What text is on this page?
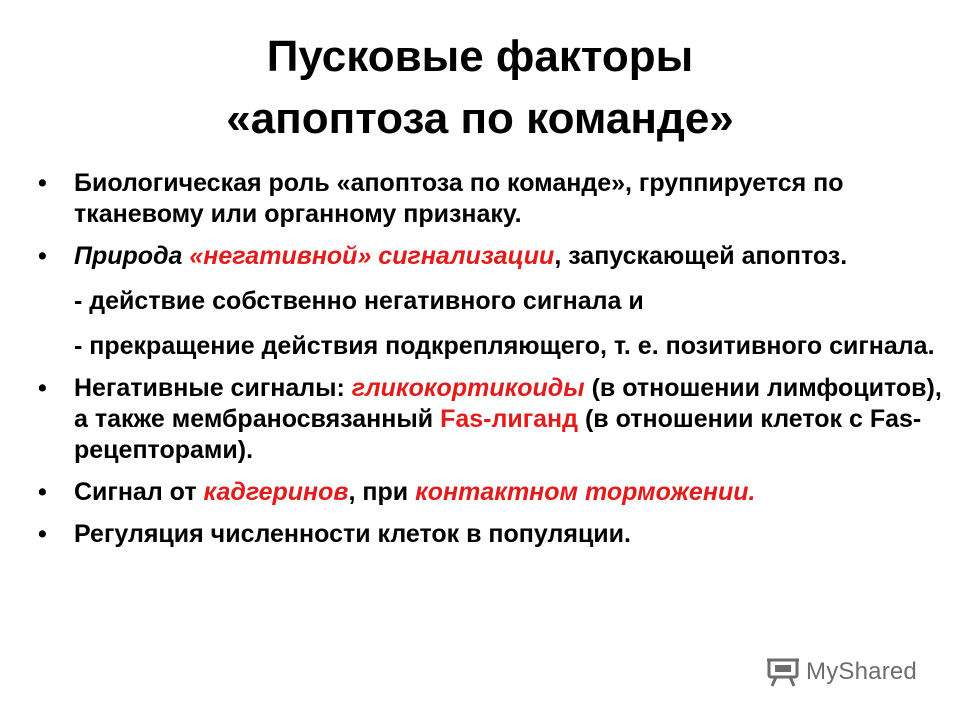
Пусковые факторы
«апоптоза по команде»
• Биологическая роль «апоптоза по команде», группируется по тканевому или органному признаку.
• Природа «негативной» сигнализации, запускающей апоптоз.
- действие собственно негативного сигнала и
- прекращение действия подкрепляющего, т. е. позитивного сигнала.
• Негативные сигналы: гликокортикоиды (в отношении лимфоцитов), а также мембраносвязанный Fas-лиганд (в отношении клеток с Fas-рецепторами).
• Сигнал от кадгеринов, при контактном торможении.
• Регуляция численности клеток в популяции.
MyShared
